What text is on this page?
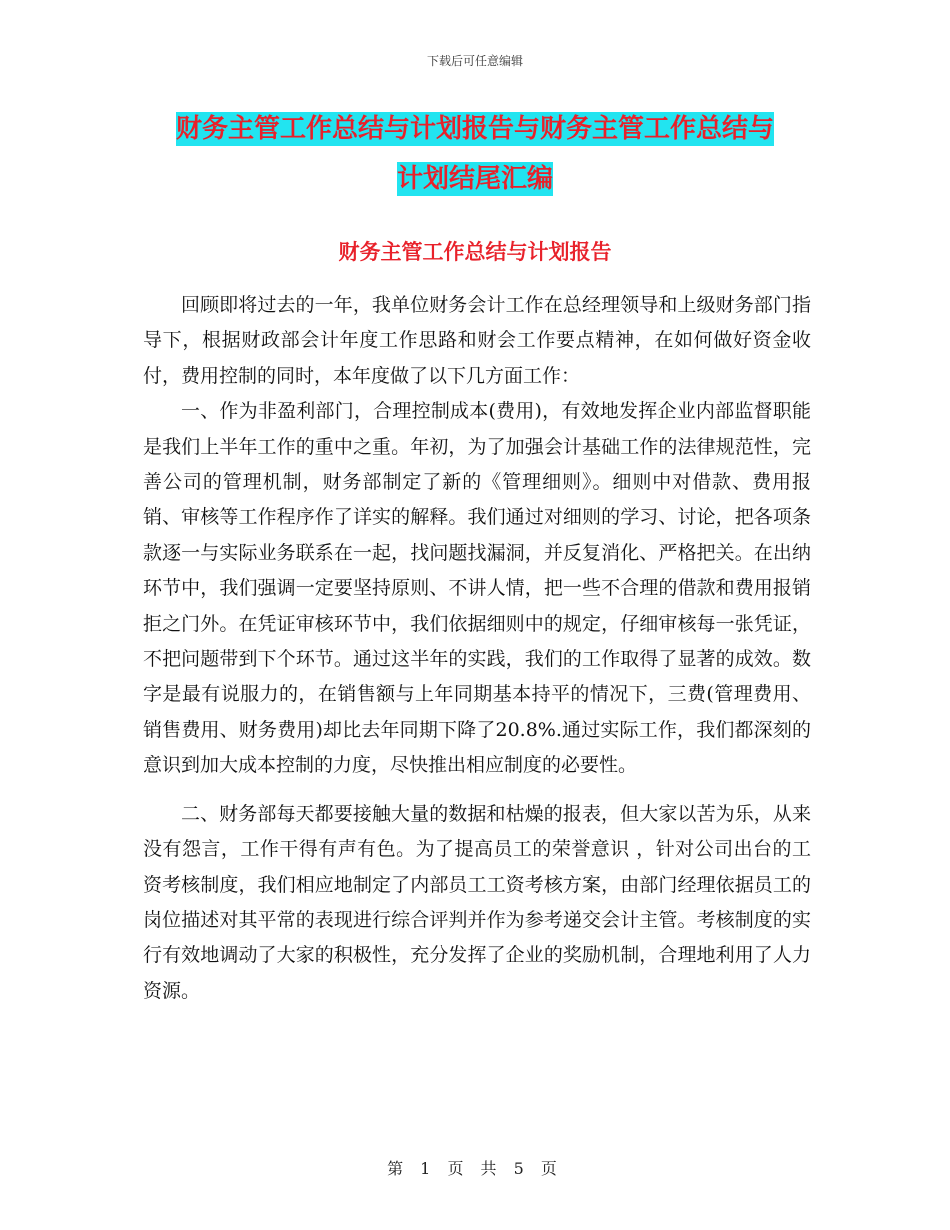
下载后可任意编辑
财务主管工作总结与计划报告与财务主管工作总结与
计划结尾汇编
财务主管工作总结与计划报告

回顾即将过去的一年，我单位财务会计工作在总经理领导和上级财务部门指导下，根据财政部会计年度工作思路和财会工作要点精神，在如何做好资金收付，费用控制的同时，本年度做了以下几方面工作：

一、作为非盈利部门，合理控制成本(费用)，有效地发挥企业内部监督职能是我们上半年工作的重中之重。年初，为了加强会计基础工作的法律规范性，完善公司的管理机制，财务部制定了新的《管理细则》。细则中对借款、费用报销、审核等工作程序作了详实的解释。我们通过对细则的学习、讨论，把各项条款逐一与实际业务联系在一起，找问题找漏洞，并反复消化、严格把关。在出纳环节中，我们强调一定要坚持原则、不讲人情，把一些不合理的借款和费用报销拒之门外。在凭证审核环节中，我们依据细则中的规定，仔细审核每一张凭证，不把问题带到下个环节。通过这半年的实践，我们的工作取得了显著的成效。数字是最有说服力的，在销售额与上年同期基本持平的情况下，三费(管理费用、销售费用、财务费用)却比去年同期下降了20.8%.通过实际工作，我们都深刻的意识到加大成本控制的力度，尽快推出相应制度的必要性。

二、财务部每天都要接触大量的数据和枯燥的报表，但大家以苦为乐，从来没有怨言，工作干得有声有色。为了提高员工的荣誉意识 ，针对公司出台的工资考核制度，我们相应地制定了内部员工工资考核方案，由部门经理依据员工的岗位描述对其平常的表现进行综合评判并作为参考递交会计主管。考核制度的实行有效地调动了大家的积极性，充分发挥了企业的奖励机制，合理地利用了人力资源。

第 1 页 共 5 页
